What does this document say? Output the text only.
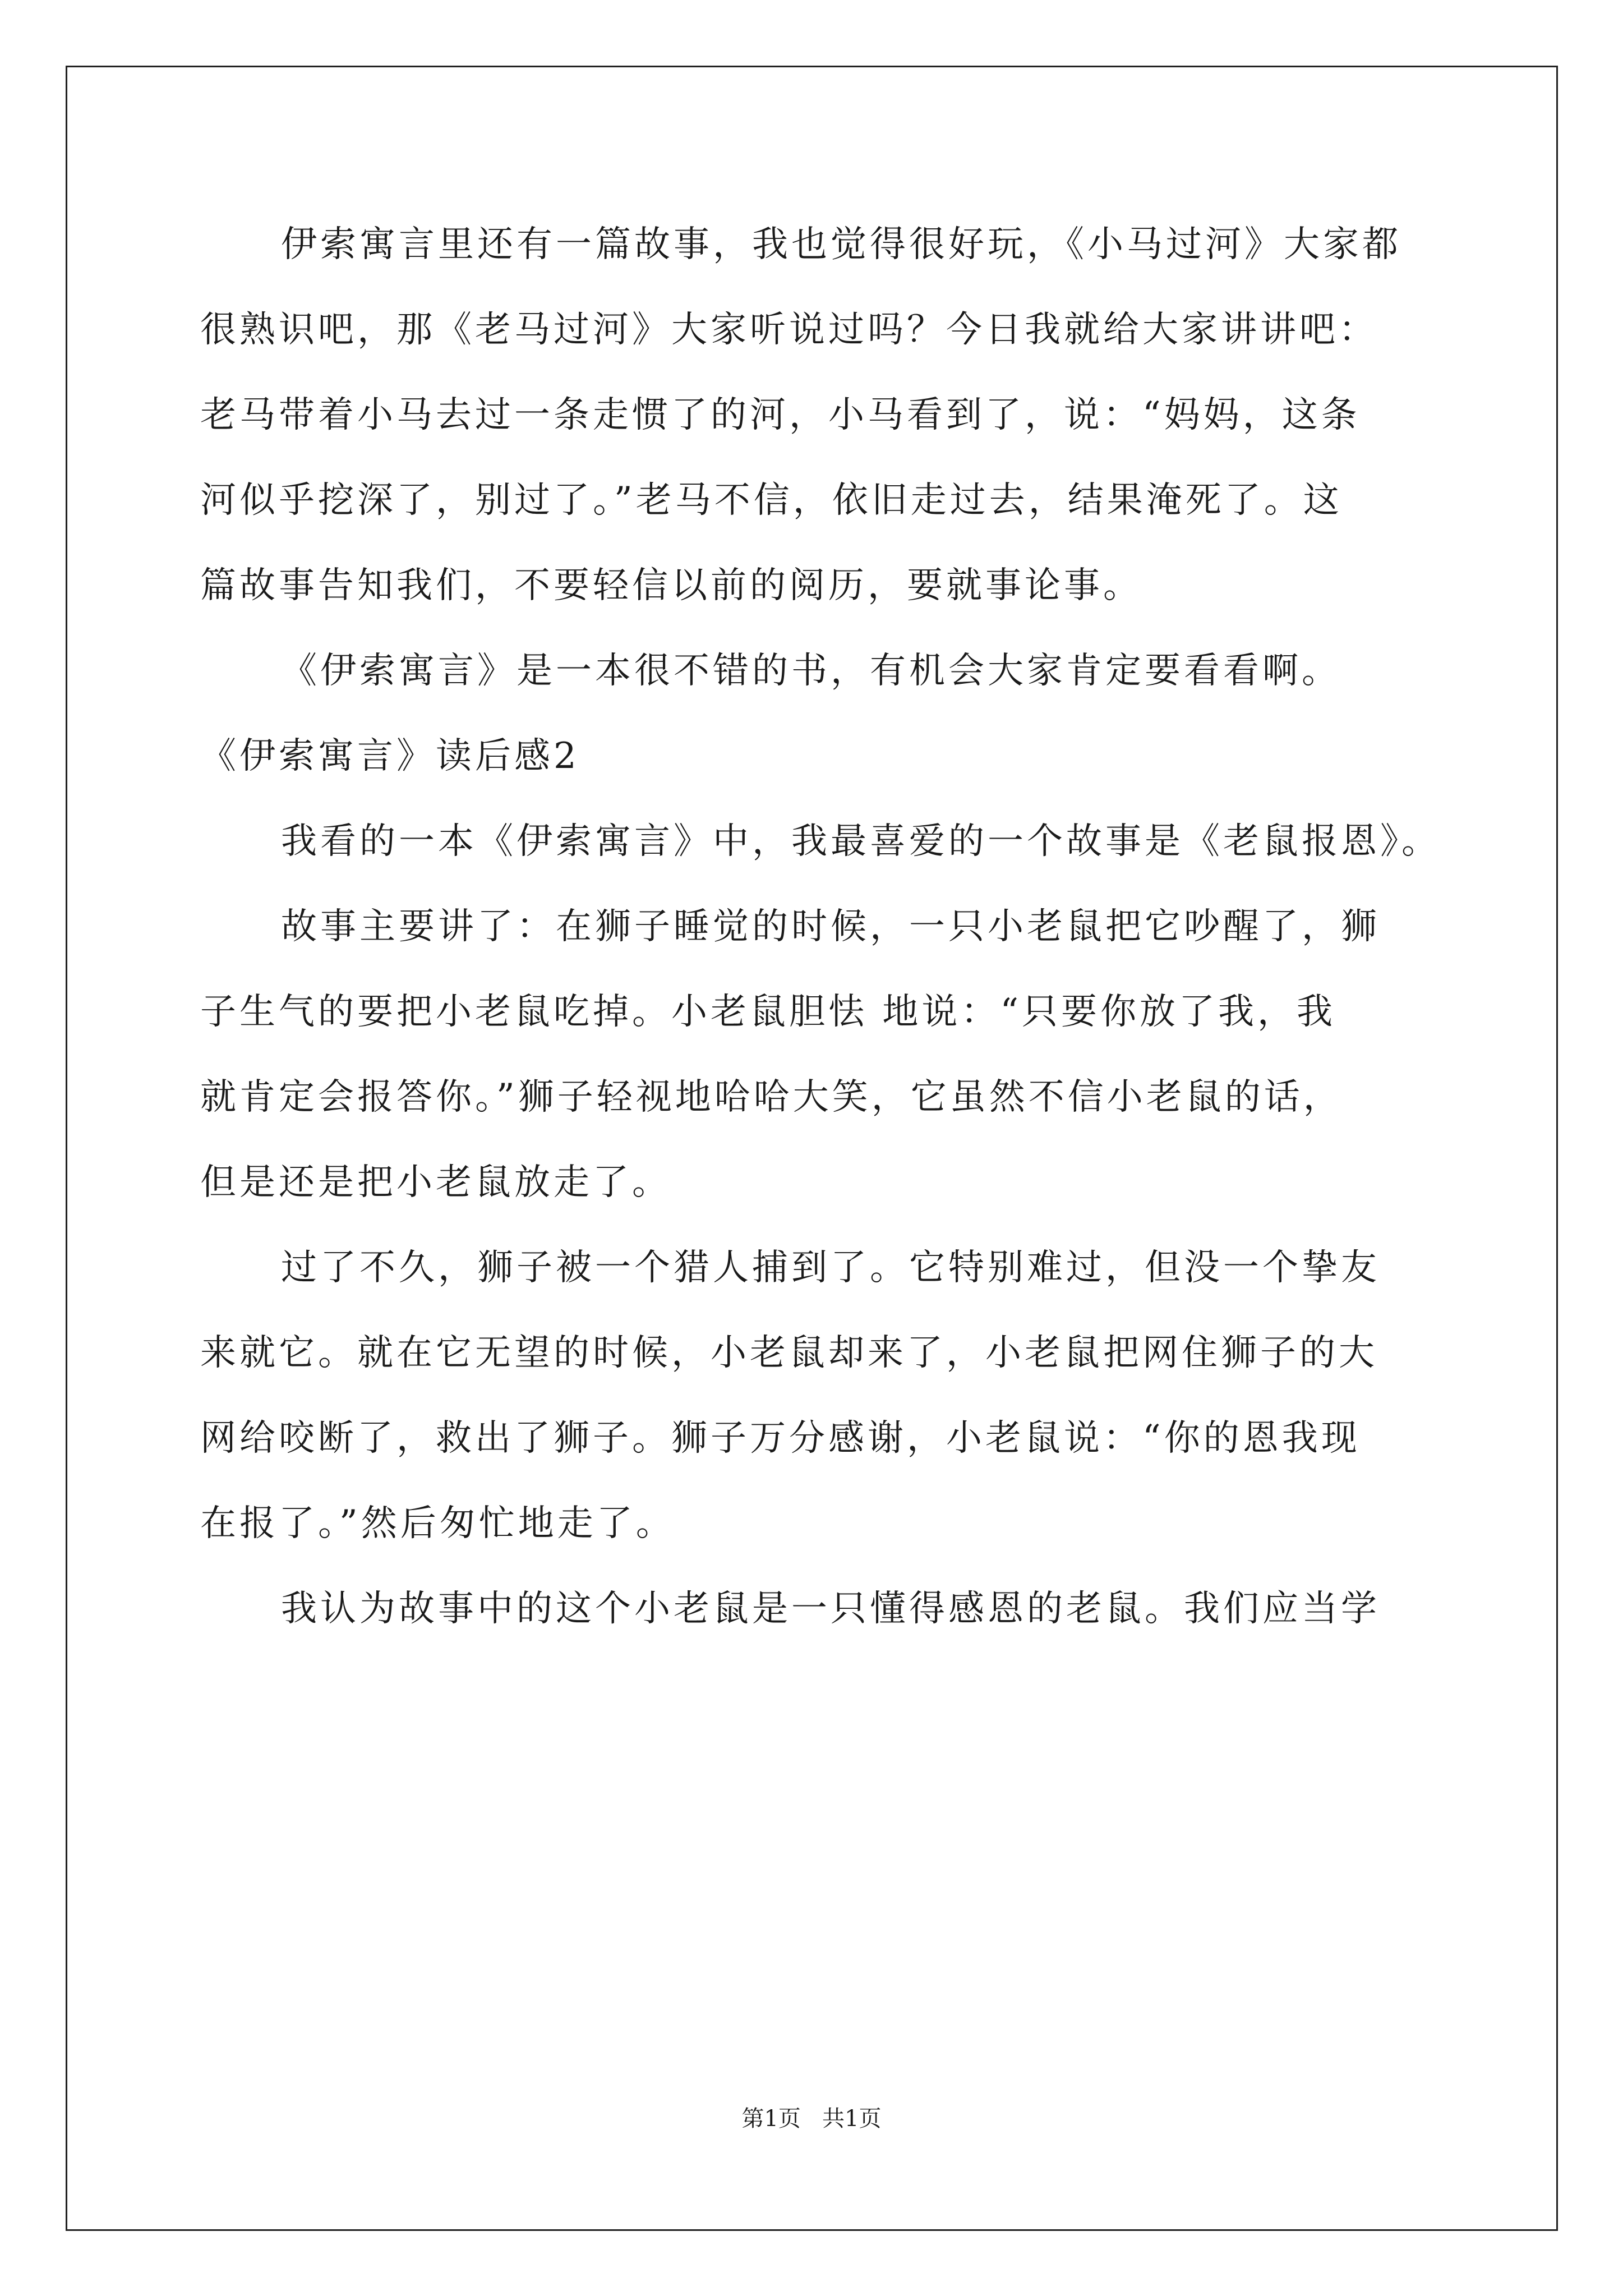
伊索寓言里还有一篇故事，我也觉得很好玩，《小马过河》大家都
很熟识吧，那《老马过河》大家听说过吗？今日我就给大家讲讲吧：
老马带着小马去过一条走惯了的河，小马看到了，说：“妈妈，这条
河似乎挖深了，别过了。”老马不信，依旧走过去，结果淹死了。这
篇故事告知我们，不要轻信以前的阅历，要就事论事。
《伊索寓言》是一本很不错的书，有机会大家肯定要看看啊。
《伊索寓言》读后感2
我看的一本《伊索寓言》中，我最喜爱的一个故事是《老鼠报恩》。
故事主要讲了：在狮子睡觉的时候，一只小老鼠把它吵醒了，狮
子生气的要把小老鼠吃掉。小老鼠胆怯 地说：“只要你放了我，我
就肯定会报答你。”狮子轻视地哈哈大笑，它虽然不信小老鼠的话，
但是还是把小老鼠放走了。
过了不久，狮子被一个猎人捕到了。它特别难过，但没一个挚友
来就它。就在它无望的时候，小老鼠却来了，小老鼠把网住狮子的大
网给咬断了，救出了狮子。狮子万分感谢，小老鼠说：“你的恩我现
在报了。”然后匆忙地走了。
我认为故事中的这个小老鼠是一只懂得感恩的老鼠。我们应当学
第1页   共1页
